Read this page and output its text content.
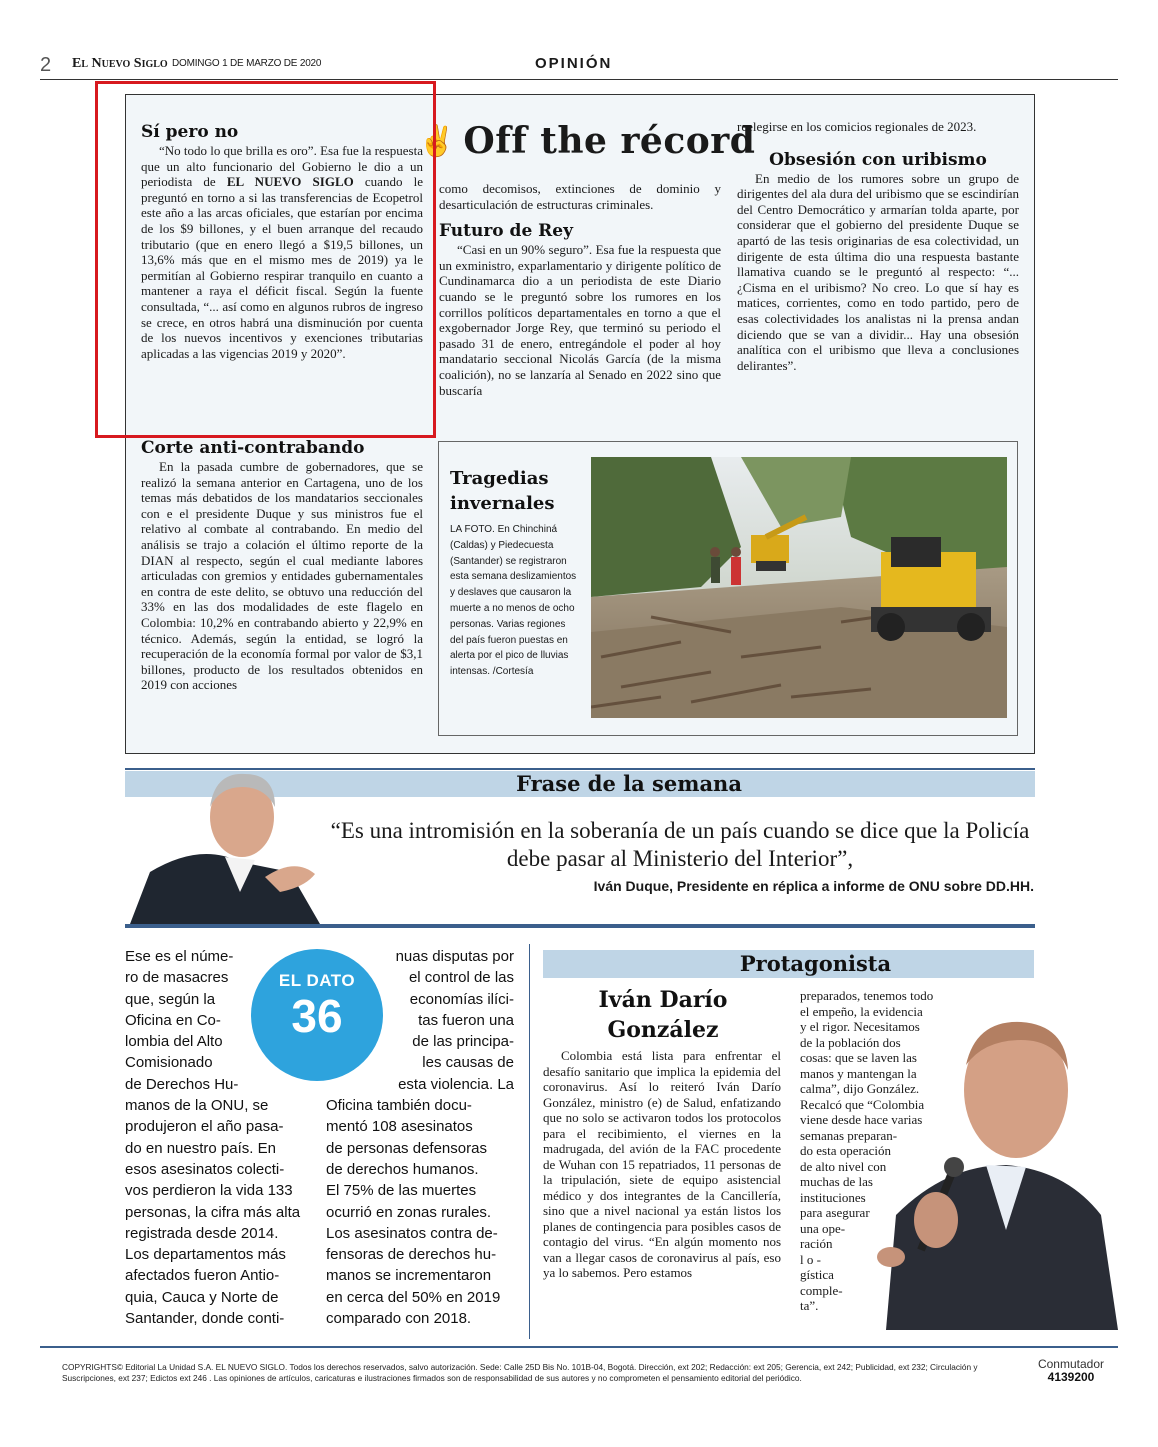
2 El Nuevo Siglo DOMINGO 1 DE MARZO DE 2020	OPINIÓN
✌ Off the récord
Sí pero no
“No todo lo que brilla es oro”. Esa fue la respuesta que un alto funcionario del Gobierno le dio a un periodista de EL NUEVO SIGLO cuando le preguntó en torno a si las transferencias de Ecopetrol este año a las arcas oficiales, que estarían por encima de los $9 billones, y el buen arranque del recaudo tributario (que en enero llegó a $19,5 billones, un 13,6% más que en el mismo mes de 2019) ya le permitían al Gobierno respirar tranquilo en cuanto a mantener a raya el déficit fiscal. Según la fuente consultada, “... así como en algunos rubros de ingreso se crece, en otros habrá una disminución por cuenta de los nuevos incentivos y exenciones tributarias aplicadas a las vigencias 2019 y 2020”.
Corte anti-contrabando
En la pasada cumbre de gobernadores, que se realizó la semana anterior en Cartagena, uno de los temas más debatidos de los mandatarios seccionales con e el presidente Duque y sus ministros fue el relativo al combate al contrabando. En medio del análisis se trajo a colación el último reporte de la DIAN al respecto, según el cual mediante labores articuladas con gremios y entidades gubernamentales en contra de este delito, se obtuvo una reducción del 33% en las dos modalidades de este flagelo en Colombia: 10,2% en contrabando abierto y 22,9% en técnico. Además, según la entidad, se logró la recuperación de la economía formal por valor de $3,1 billones, producto de los resultados obtenidos en 2019 con acciones
como decomisos, extinciones de dominio y desarticulación de estructuras criminales.
Futuro de Rey
“Casi en un 90% seguro”. Esa fue la respuesta que un exministro, exparlamentario y dirigente político de Cundinamarca dio a un periodista de este Diario cuando se le preguntó sobre los rumores en los corrillos políticos departamentales en torno a que el exgobernador Jorge Rey, que terminó su periodo el pasado 31 de enero, entregándole el poder al hoy mandatario seccional Nicolás García (de la misma coalición), no se lanzaría al Senado en 2022 sino que buscaría
reelegirse en los comicios regionales de 2023.
Obsesión con uribismo
En medio de los rumores sobre un grupo de dirigentes del ala dura del uribismo que se escindirían del Centro Democrático y armarían tolda aparte, por considerar que el gobierno del presidente Duque se apartó de las tesis originarias de esa colectividad, un dirigente de esta última dio una respuesta bastante llamativa cuando se le preguntó al respecto: “... ¿Cisma en el uribismo? No creo. Lo que sí hay es matices, corrientes, como en todo partido, pero de esas colectividades los analistas ni la prensa andan diciendo que se van a dividir... Hay una obsesión analítica con el uribismo que lleva a conclusiones delirantes”.
Tragedias invernales
LA FOTO. En Chinchiná (Caldas) y Piedecuesta (Santander) se registraron esta semana deslizamientos y deslaves que causaron la muerte a no menos de ocho personas. Varias regiones del país fueron puestas en alerta por el pico de lluvias intensas. /Cortesía
Frase de la semana
“Es una intromisión en la soberanía de un país cuando se dice que la Policía debe pasar al Ministerio del Interior”,
Iván Duque, Presidente en réplica a informe de ONU sobre DD.HH.
Ese es el núme-
ro de masacres
que, según la
Oficina en Co-
lombia del Alto
Comisionado
de Derechos Hu-
manos de la ONU, se
produjeron el año pasa-
do en nuestro país. En
esos asesinatos colecti-
vos perdieron la vida 133
personas, la cifra más alta
registrada desde 2014.
Los departamentos más
afectados fueron Antio-
quia, Cauca y Norte de
Santander, donde conti-
nuas disputas por
el control de las
economías ilíci-
tas fueron una
de las principa-
les causas de
esta violencia. La
Oficina también docu-
mentó 108 asesinatos
de personas defensoras
de derechos humanos.
El 75% de las muertes
ocurrió en zonas rurales.
Los asesinatos contra de-
fensoras de derechos hu-
manos se incrementaron
en cerca del 50% en 2019
comparado con 2018.
EL DATO
36
Protagonista
Iván Darío
González
Colombia está lista para enfrentar el desafío sanitario que implica la epidemia del coronavirus. Así lo reiteró Iván Darío González, ministro (e) de Salud, enfatizando que no solo se activaron todos los protocolos para el recibimiento, el viernes en la madrugada, del avión de la FAC procedente de Wuhan con 15 repatriados, 11 personas de la tripulación, siete de equipo asistencial médico y dos integrantes de la Cancillería, sino que a nivel nacional ya están listos los planes de contingencia para posibles casos de contagio del virus. “En algún momento nos van a llegar casos de coronavirus al país, eso ya lo sabemos. Pero estamos
preparados, tenemos todo
el empeño, la evidencia
y el rigor. Necesitamos
de la población dos
cosas: que se laven las
manos y mantengan la
calma”, dijo González.
Recalcó que “Colombia
viene desde hace varias
semanas preparan-
do esta operación
de alto nivel con
muchas de las
instituciones
para asegurar
una ope-
ración
l o -
gística
comple-
ta”.
COPYRIGHTS© Editorial La Unidad S.A. EL NUEVO SIGLO. Todos los derechos reservados, salvo autorización. Sede: Calle 25D Bis No. 101B-04, Bogotá. Dirección, ext 202; Redacción: ext 205; Gerencia, ext 242; Publicidad, ext 232; Circulación y Suscripciones, ext 237; Edictos ext 246 . Las opiniones de artículos, caricaturas e ilustraciones firmados son de responsabilidad de sus autores y no comprometen el pensamiento editorial del periódico.
Conmutador
4139200
